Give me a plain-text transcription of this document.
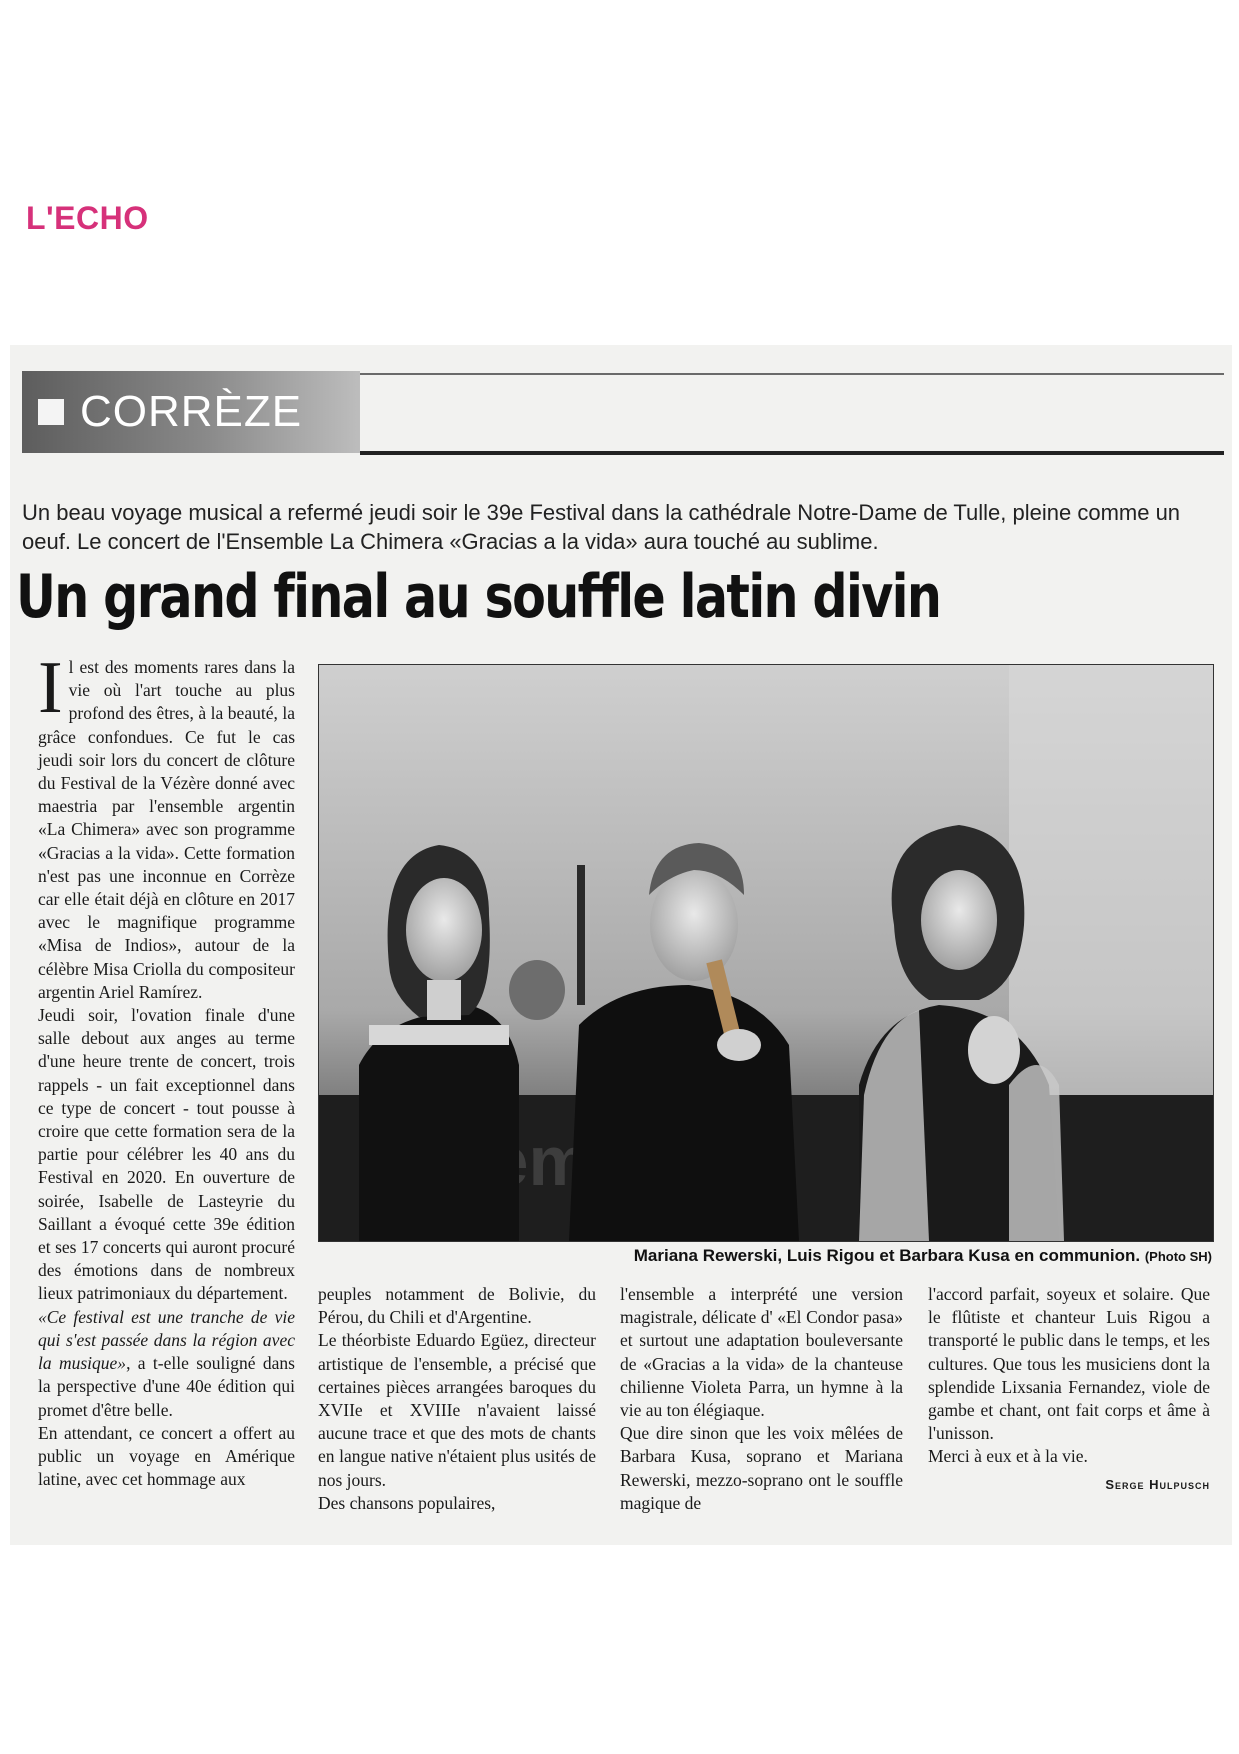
L'ECHO
CORRÈZE
Un beau voyage musical a refermé jeudi soir le 39e Festival dans la cathédrale Notre-Dame de Tulle, pleine comme un oeuf. Le concert de l'Ensemble La Chimera «Gracias a la vida» aura touché au sublime.
Un grand final au souffle latin divin
I l est des moments rares dans la vie où l'art touche au plus profond des êtres, à la beauté, la grâce confondues. Ce fut le cas jeudi soir lors du concert de clôture du Festival de la Vézère donné avec maestria par l'ensemble argentin «La Chimera» avec son programme «Gracias a la vida». Cette formation n'est pas une inconnue en Corrèze car elle était déjà en clôture en 2017 avec le magnifique programme «Misa de Indios», autour de la célèbre Misa Criolla du compositeur argentin Ariel Ramírez.

Jeudi soir, l'ovation finale d'une salle debout aux anges au terme d'une heure trente de concert, trois rappels - un fait exceptionnel dans ce type de concert - tout pousse à croire que cette formation sera de la partie pour célébrer les 40 ans du Festival en 2020. En ouverture de soirée, Isabelle de Lasteyrie du Saillant a évoqué cette 39e édition et ses 17 concerts qui auront procuré des émotions dans de nombreux lieux patrimoniaux du département.

«Ce festival est une tranche de vie qui s'est passée dans la région avec la musique», a t-elle souligné dans la perspective d'une 40e édition qui promet d'être belle.

En attendant, ce concert a offert au public un voyage en Amérique latine, avec cet hommage aux

Mariana Rewerski, Luis Rigou et Barbara Kusa en communion. (Photo SH)

peuples notamment de Bolivie, du Pérou, du Chili et d'Argentine.

Le théorbiste Eduardo Egüez, directeur artistique de l'ensemble, a précisé que certaines pièces arrangées baroques du XVIIe et XVIIIe n'avaient laissé aucune trace et que des mots de chants en langue native n'étaient plus usités de nos jours.

Des chansons populaires,

l'ensemble a interprété une version magistrale, délicate d' «El Condor pasa» et surtout une adaptation bouleversante de «Gracias a la vida» de la chanteuse chilienne Violeta Parra, un hymne à la vie au ton élégiaque.

Que dire sinon que les voix mêlées de Barbara Kusa, soprano et Mariana Rewerski, mezzo-soprano ont le souffle magique de

l'accord parfait, soyeux et solaire. Que le flûtiste et chanteur Luis Rigou a transporté le public dans le temps, et les cultures. Que tous les musiciens dont la splendide Lixsania Fernandez, viole de gambe et chant, ont fait corps et âme à l'unisson.

Merci à eux et à la vie.

Serge Hulpusch
